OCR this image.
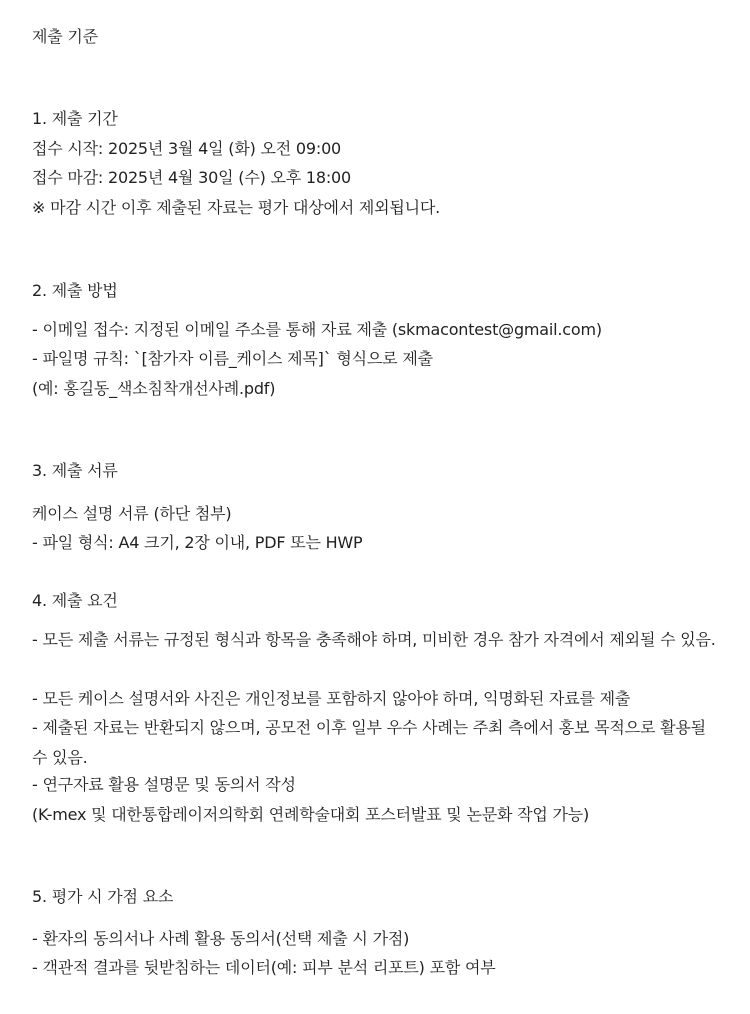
제출 기준
1. 제출 기간
접수 시작: 2025년 3월 4일 (화) 오전 09:00
접수 마감: 2025년 4월 30일 (수) 오후 18:00
※ 마감 시간 이후 제출된 자료는 평가 대상에서 제외됩니다.
2. 제출 방법
- 이메일 접수: 지정된 이메일 주소를 통해 자료 제출 (skmacontest@gmail.com)
- 파일명 규칙: `[참가자 이름_케이스 제목]` 형식으로 제출
(예: 홍길동_색소침착개선사례.pdf)
3. 제출 서류
케이스 설명 서류 (하단 첨부)
- 파일 형식: A4 크기, 2장 이내, PDF 또는 HWP
4. 제출 요건
- 모든 제출 서류는 규정된 형식과 항목을 충족해야 하며, 미비한 경우 참가 자격에서 제외될 수 있음.
- 모든 케이스 설명서와 사진은 개인정보를 포함하지 않아야 하며, 익명화된 자료를 제출
- 제출된 자료는 반환되지 않으며, 공모전 이후 일부 우수 사례는 주최 측에서 홍보 목적으로 활용될 수 있음.
- 연구자료 활용 설명문 및 동의서 작성
(K-mex 및 대한통합레이저의학회 연례학술대회 포스터발표 및 논문화 작업 가능)
5. 평가 시 가점 요소
- 환자의 동의서나 사례 활용 동의서(선택 제출 시 가점)
- 객관적 결과를 뒷받침하는 데이터(예: 피부 분석 리포트) 포함 여부
